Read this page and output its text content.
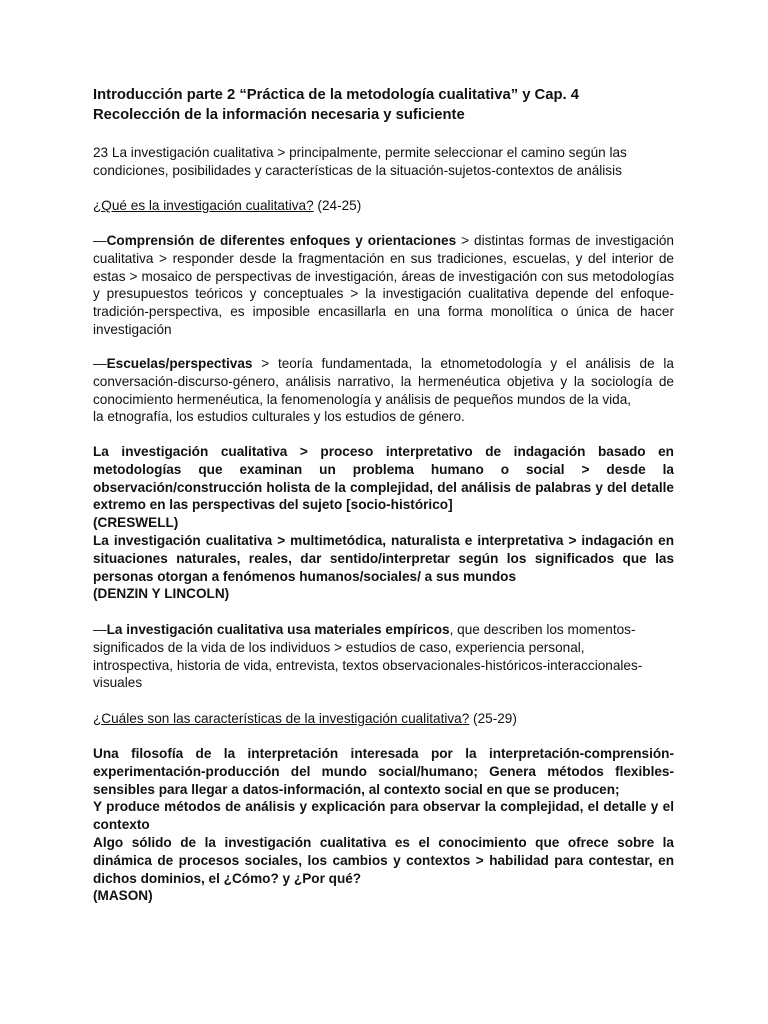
Introducción parte 2 “Práctica de la metodología cualitativa” y Cap. 4
Recolección de la información necesaria y suficiente
23 La investigación cualitativa > principalmente, permite seleccionar el camino según las
condiciones, posibilidades y características de la situación-sujetos-contextos de análisis
¿Qué es la investigación cualitativa? (24-25)
—Comprensión de diferentes enfoques y orientaciones > distintas formas de investigación cualitativa > responder desde la fragmentación en sus tradiciones, escuelas, y del interior de estas > mosaico de perspectivas de investigación, áreas de investigación con sus metodologías y presupuestos teóricos y conceptuales > la investigación cualitativa depende del enfoque-tradición-perspectiva, es imposible encasillarla en una forma monolítica o única de hacer investigación
—Escuelas/perspectivas > teoría fundamentada, la etnometodología y el análisis de la conversación-discurso-género, análisis narrativo, la hermenéutica objetiva y la sociología de conocimiento hermenéutica, la fenomenología y análisis de pequeños mundos de la vida,
la etnografía, los estudios culturales y los estudios de género.
La investigación cualitativa > proceso interpretativo de indagación basado en metodologías que examinan un problema humano o social > desde la observación/construcción holista de la complejidad, del análisis de palabras y del detalle extremo en las perspectivas del sujeto [socio-histórico]
(CRESWELL)
La investigación cualitativa > multimetódica, naturalista e interpretativa > indagación en situaciones naturales, reales, dar sentido/interpretar según los significados que las personas otorgan a fenómenos humanos/sociales/ a sus mundos
(DENZIN Y LINCOLN)
—La investigación cualitativa usa materiales empíricos, que describen los momentos-
significados de la vida de los individuos > estudios de caso, experiencia personal,
introspectiva, historia de vida, entrevista, textos observacionales-históricos-interaccionales-
visuales
¿Cuáles son las características de la investigación cualitativa? (25-29)
Una filosofía de la interpretación interesada por la interpretación-comprensión-experimentación-producción del mundo social/humano; Genera métodos flexibles-sensibles para llegar a datos-información, al contexto social en que se producen;
Y produce métodos de análisis y explicación para observar la complejidad, el detalle y el contexto
Algo sólido de la investigación cualitativa es el conocimiento que ofrece sobre la dinámica de procesos sociales, los cambios y contextos > habilidad para contestar, en dichos dominios, el ¿Cómo? y ¿Por qué?
(MASON)
